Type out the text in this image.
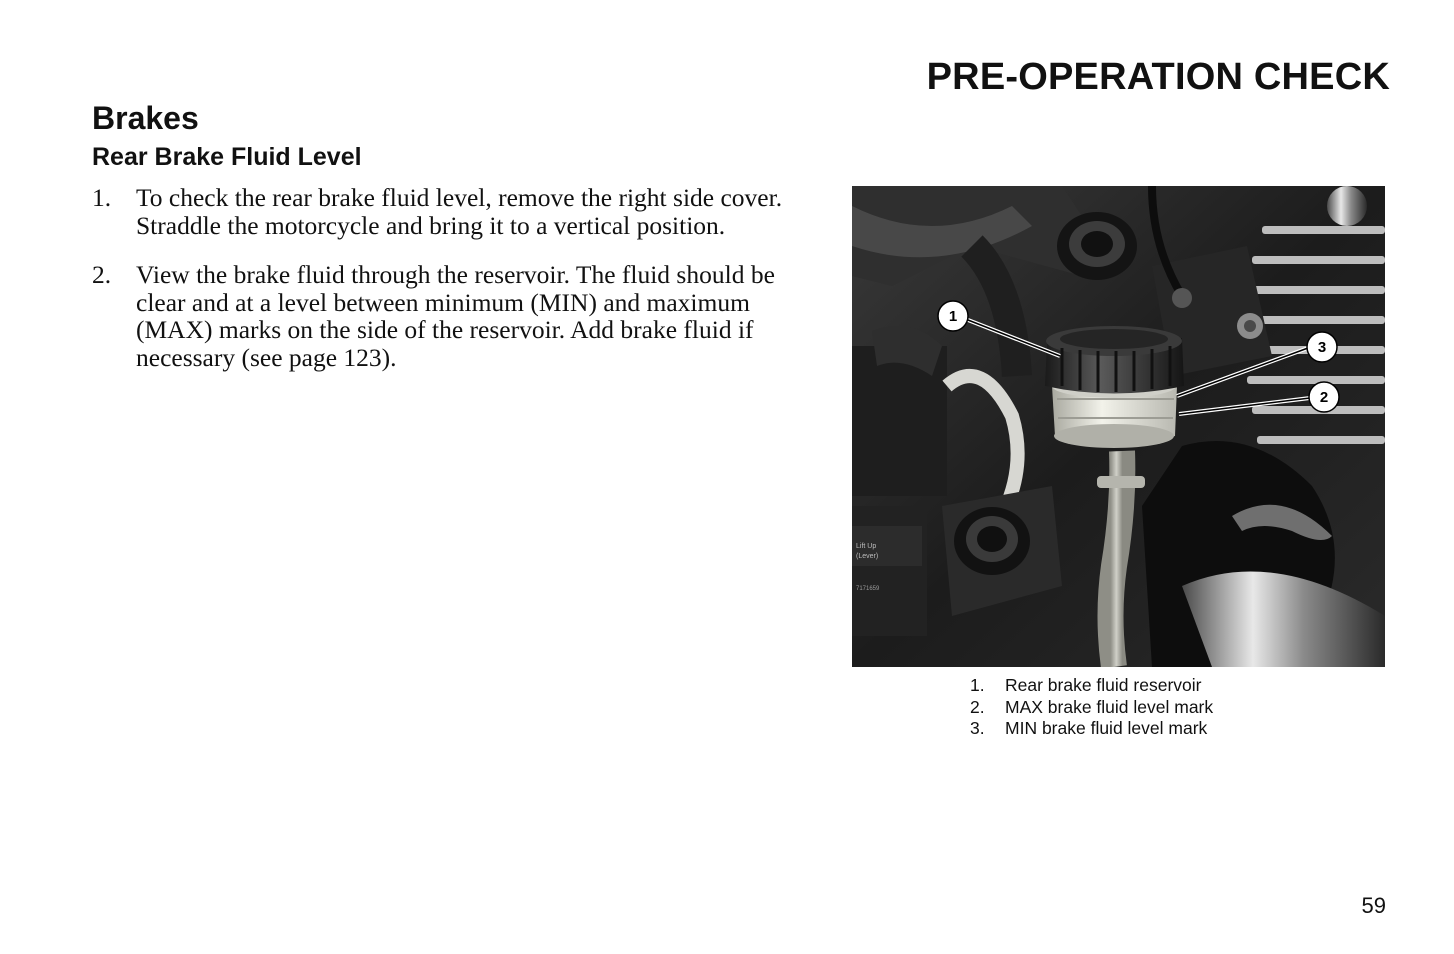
PRE-OPERATION CHECK
Brakes
Rear Brake Fluid Level
1. To check the rear brake fluid level, remove the right side cover. Straddle the motorcycle and bring it to a vertical position.
2. View the brake fluid through the reservoir. The fluid should be clear and at a level between minimum (MIN) and maximum (MAX) marks on the side of the reservoir. Add brake fluid if necessary (see page 123).
Lift Up
(Lever)
7171659
1
3
2
1. Rear brake fluid reservoir
2. MAX brake fluid level mark
3. MIN brake fluid level mark

59
